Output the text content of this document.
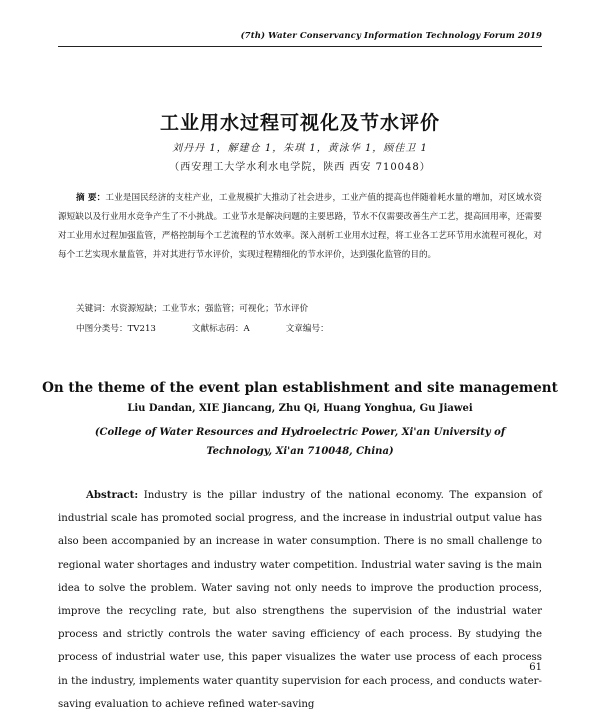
(7th) Water Conservancy Information Technology Forum 2019
工业用水过程可视化及节水评价
刘丹丹 1，解建仓 1，朱琪 1，黄泳华 1，顾佳卫 1
（西安理工大学水利水电学院，陕西 西安 710048）
摘 要：工业是国民经济的支柱产业，工业规模扩大推动了社会进步，工业产值的提高也伴随着耗水量的增加，对区域水资源短缺以及行业用水竞争产生了不小挑战。工业节水是解决问题的主要思路，节水不仅需要改善生产工艺，提高回用率，还需要对工业用水过程加强监管，严格控制每个工艺流程的节水效率。深入剖析工业用水过程，将工业各工艺环节用水流程可视化，对每个工艺实现水量监管，并对其进行节水评价，实现过程精细化的节水评价，达到强化监管的目的。
关键词：水资源短缺；工业节水；强监管；可视化；节水评价
中图分类号：TV213	文献标志码：A	文章编号：
On the theme of the event plan establishment and site management
Liu Dandan, XIE Jiancang, Zhu Qi, Huang Yonghua, Gu Jiawei
(College of Water Resources and Hydroelectric Power, Xi'an University of Technology, Xi'an 710048, China)
Abstract: Industry is the pillar industry of the national economy. The expansion of industrial scale has promoted social progress, and the increase in industrial output value has also been accompanied by an increase in water consumption. There is no small challenge to regional water shortages and industry water competition. Industrial water saving is the main idea to solve the problem. Water saving not only needs to improve the production process, improve the recycling rate, but also strengthens the supervision of the industrial water process and strictly controls the water saving efficiency of each process. By studying the process of industrial water use, this paper visualizes the water use process of each process in the industry, implements water quantity supervision for each process, and conducts water-saving evaluation to achieve refined water-saving
61
